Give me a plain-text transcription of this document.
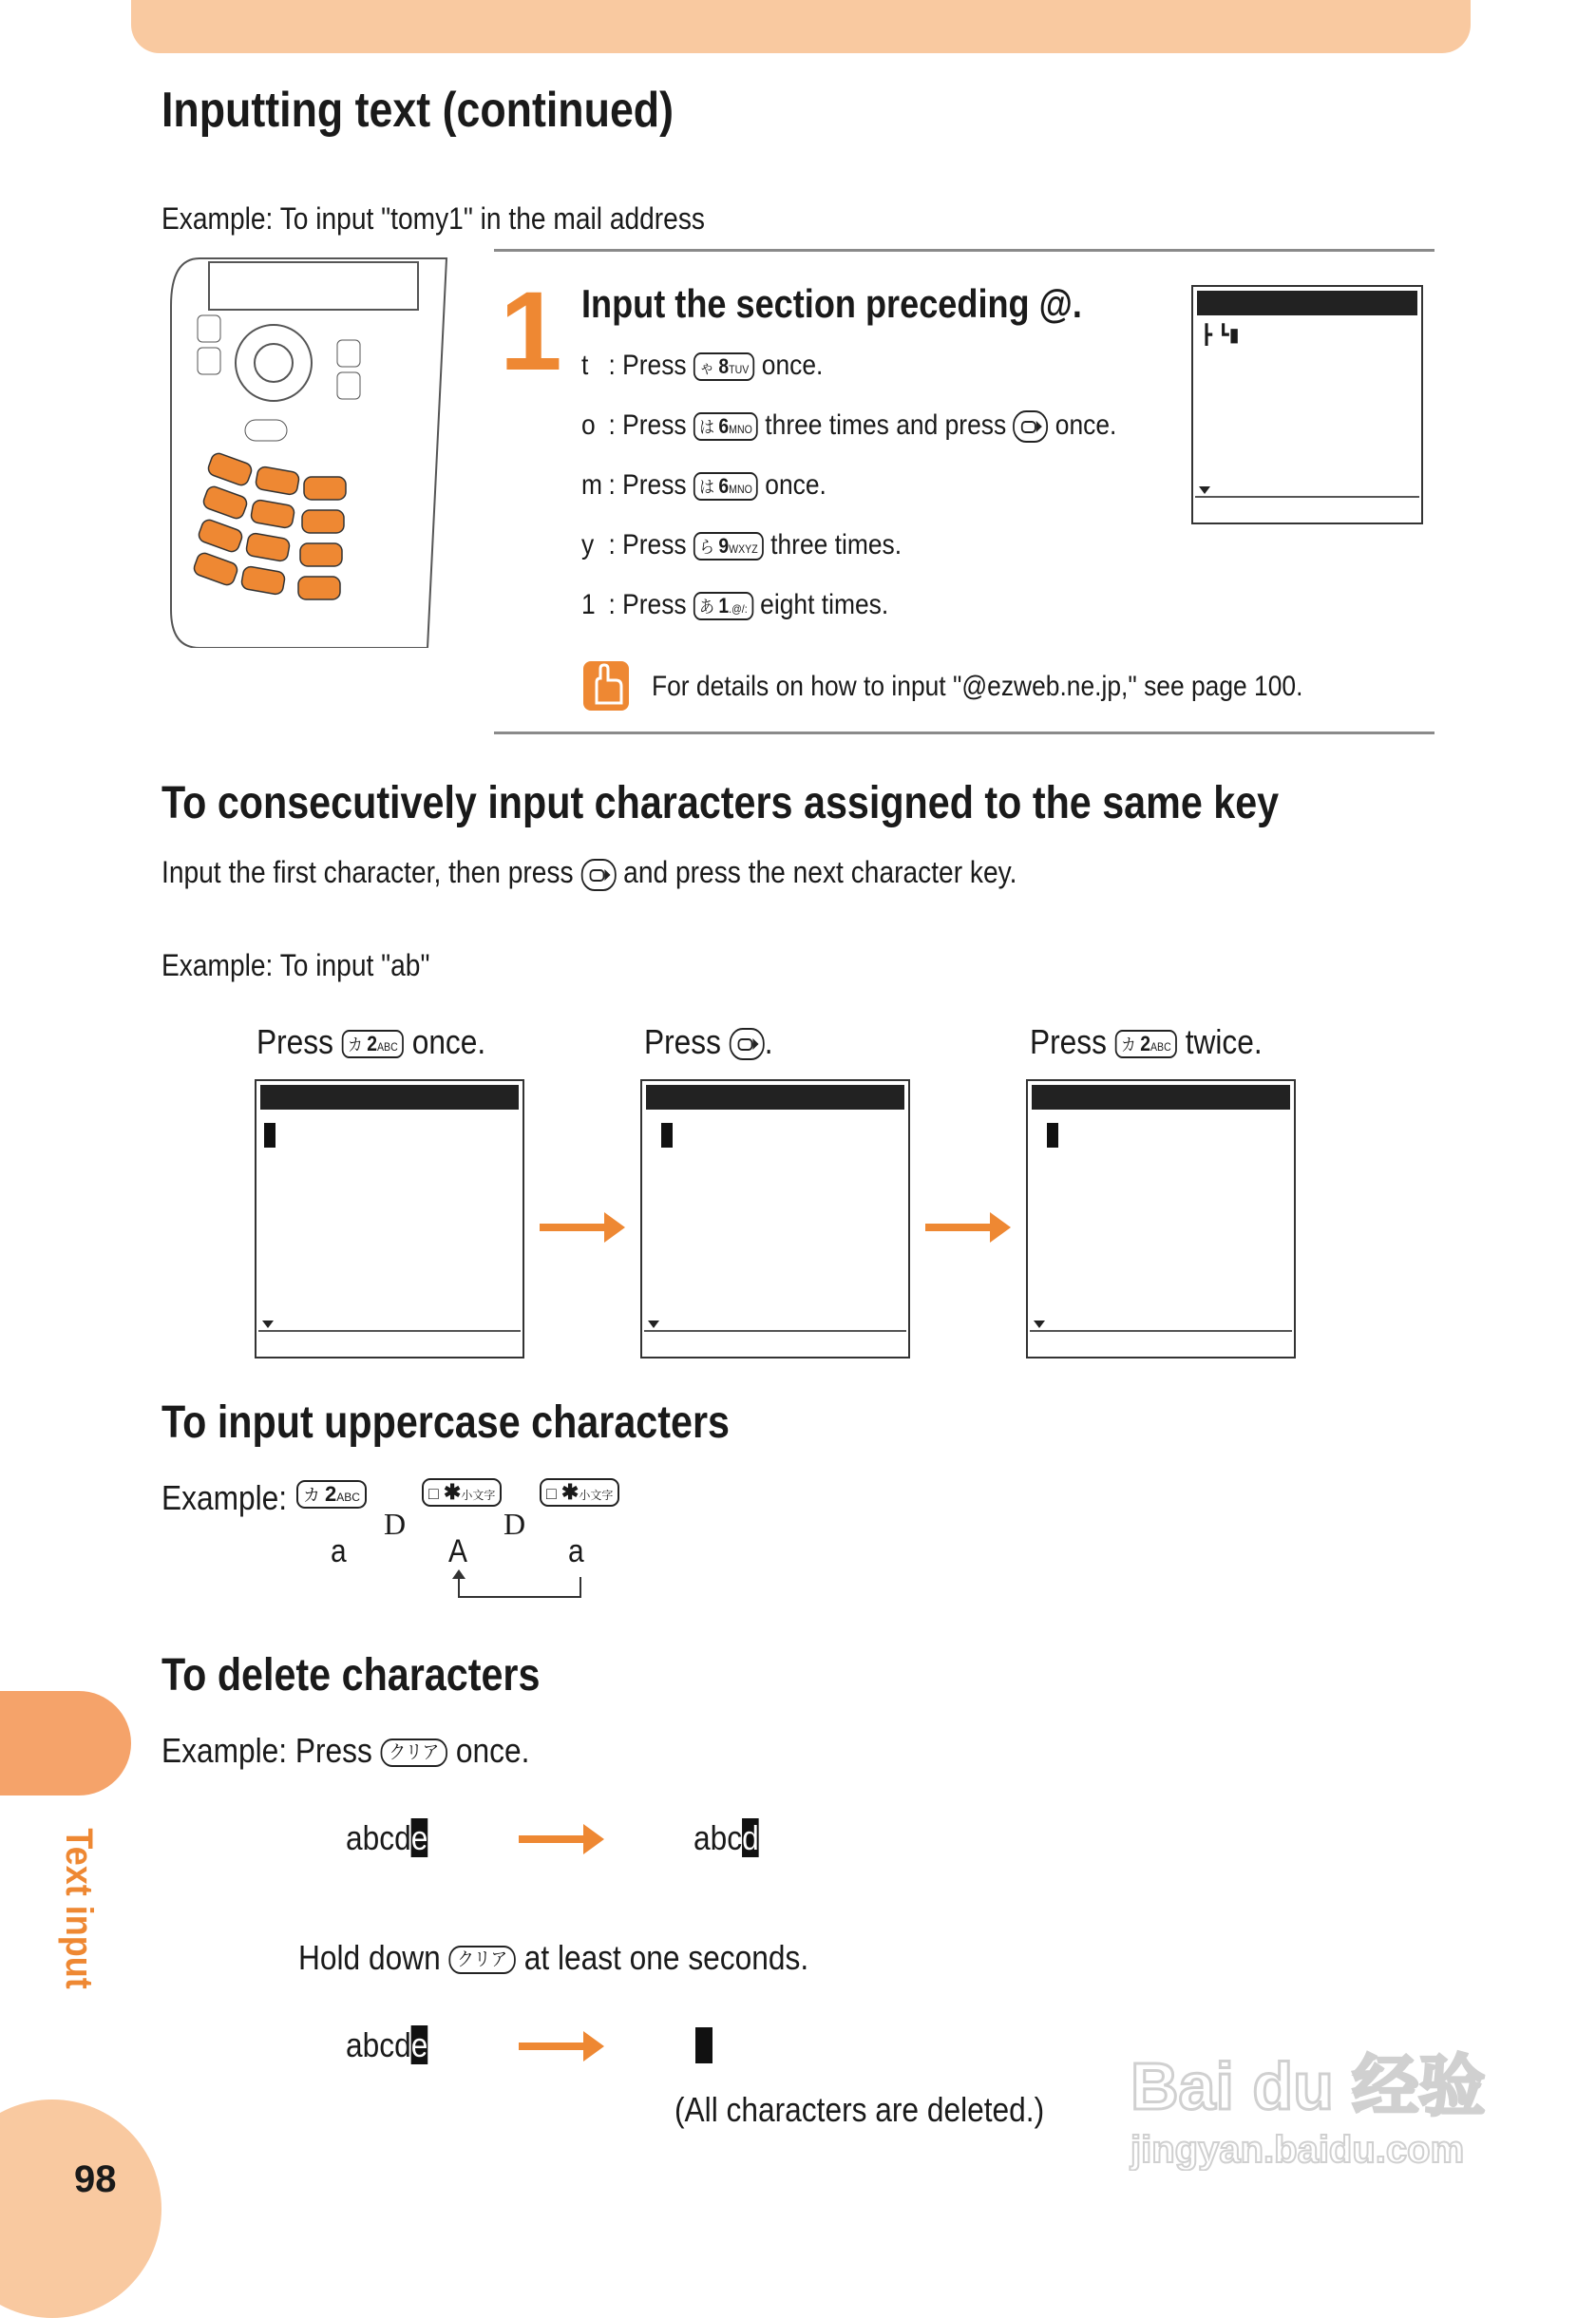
Inputting text (continued)
Example: To input "tomy1" in the mail address
1 Input the section preceding @.
t : Press ゃ 8TUV once.
o : Press は 6MNO three times and press once.
m : Press は 6MNO once.
y : Press ら 9WXYZ three times.
1 : Press あ 1.@/: eight times.
┣ ┗▮
For details on how to input "@ezweb.ne.jp," see page 100.
To consecutively input characters assigned to the same key
Input the first character, then press and press the next character key.
Example: To input "ab"
Press カ 2ABC once.	Press .	Press カ 2ABC twice.
To input uppercase characters
Example: カ 2ABC
D
□ ✱小文字
D
□ ✱小文字
a	A	a
To delete characters
Example: Press クリア once.
abcde	abcd
Hold down クリア at least one seconds.
abcde
(All characters are deleted.) Bai du 经验
jingyan.baidu.com
Text input
98
